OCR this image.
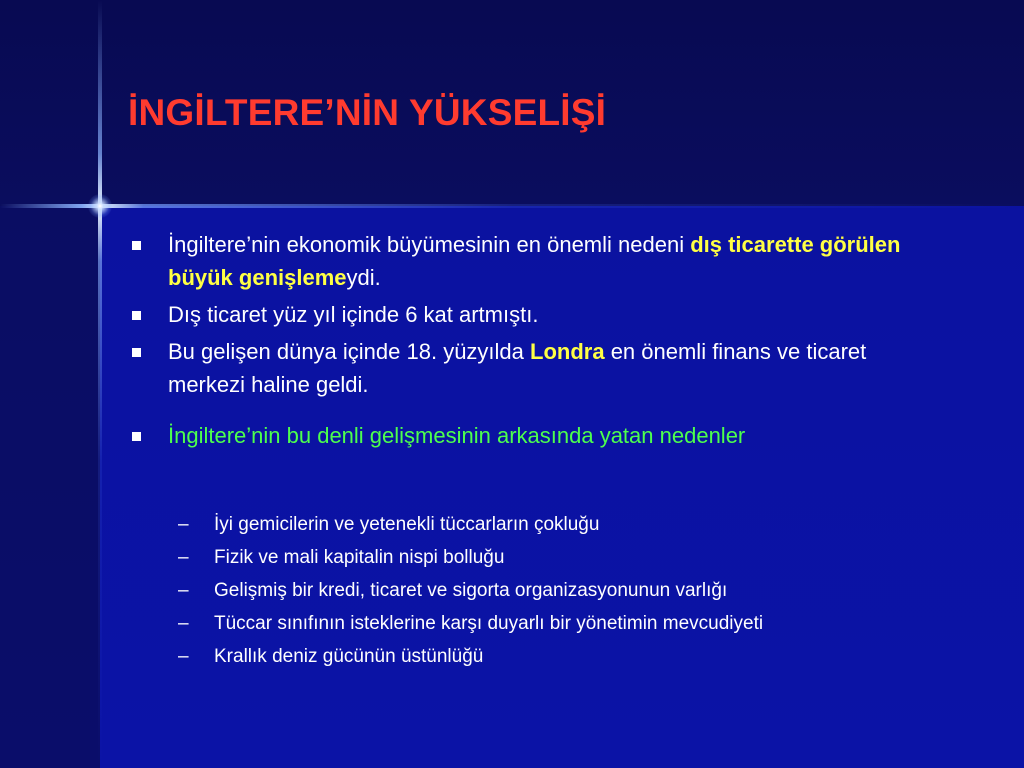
İNGİLTERE’NİN YÜKSELİŞİ
İngiltere’nin ekonomik büyümesinin en önemli nedeni dış ticarette görülen büyük genişlemeydi.
Dış ticaret yüz yıl içinde 6 kat artmıştı.
Bu gelişen dünya içinde 18. yüzyılda Londra en önemli finans ve ticaret merkezi haline geldi.
İngiltere’nin bu denli gelişmesinin arkasında yatan nedenler
– İyi gemicilerin ve yetenekli tüccarların çokluğu
– Fizik ve mali kapitalin nispi bolluğu
– Gelişmiş bir kredi, ticaret ve sigorta organizasyonunun varlığı
– Tüccar sınıfının isteklerine karşı duyarlı bir yönetimin mevcudiyeti
– Krallık deniz gücünün üstünlüğü
